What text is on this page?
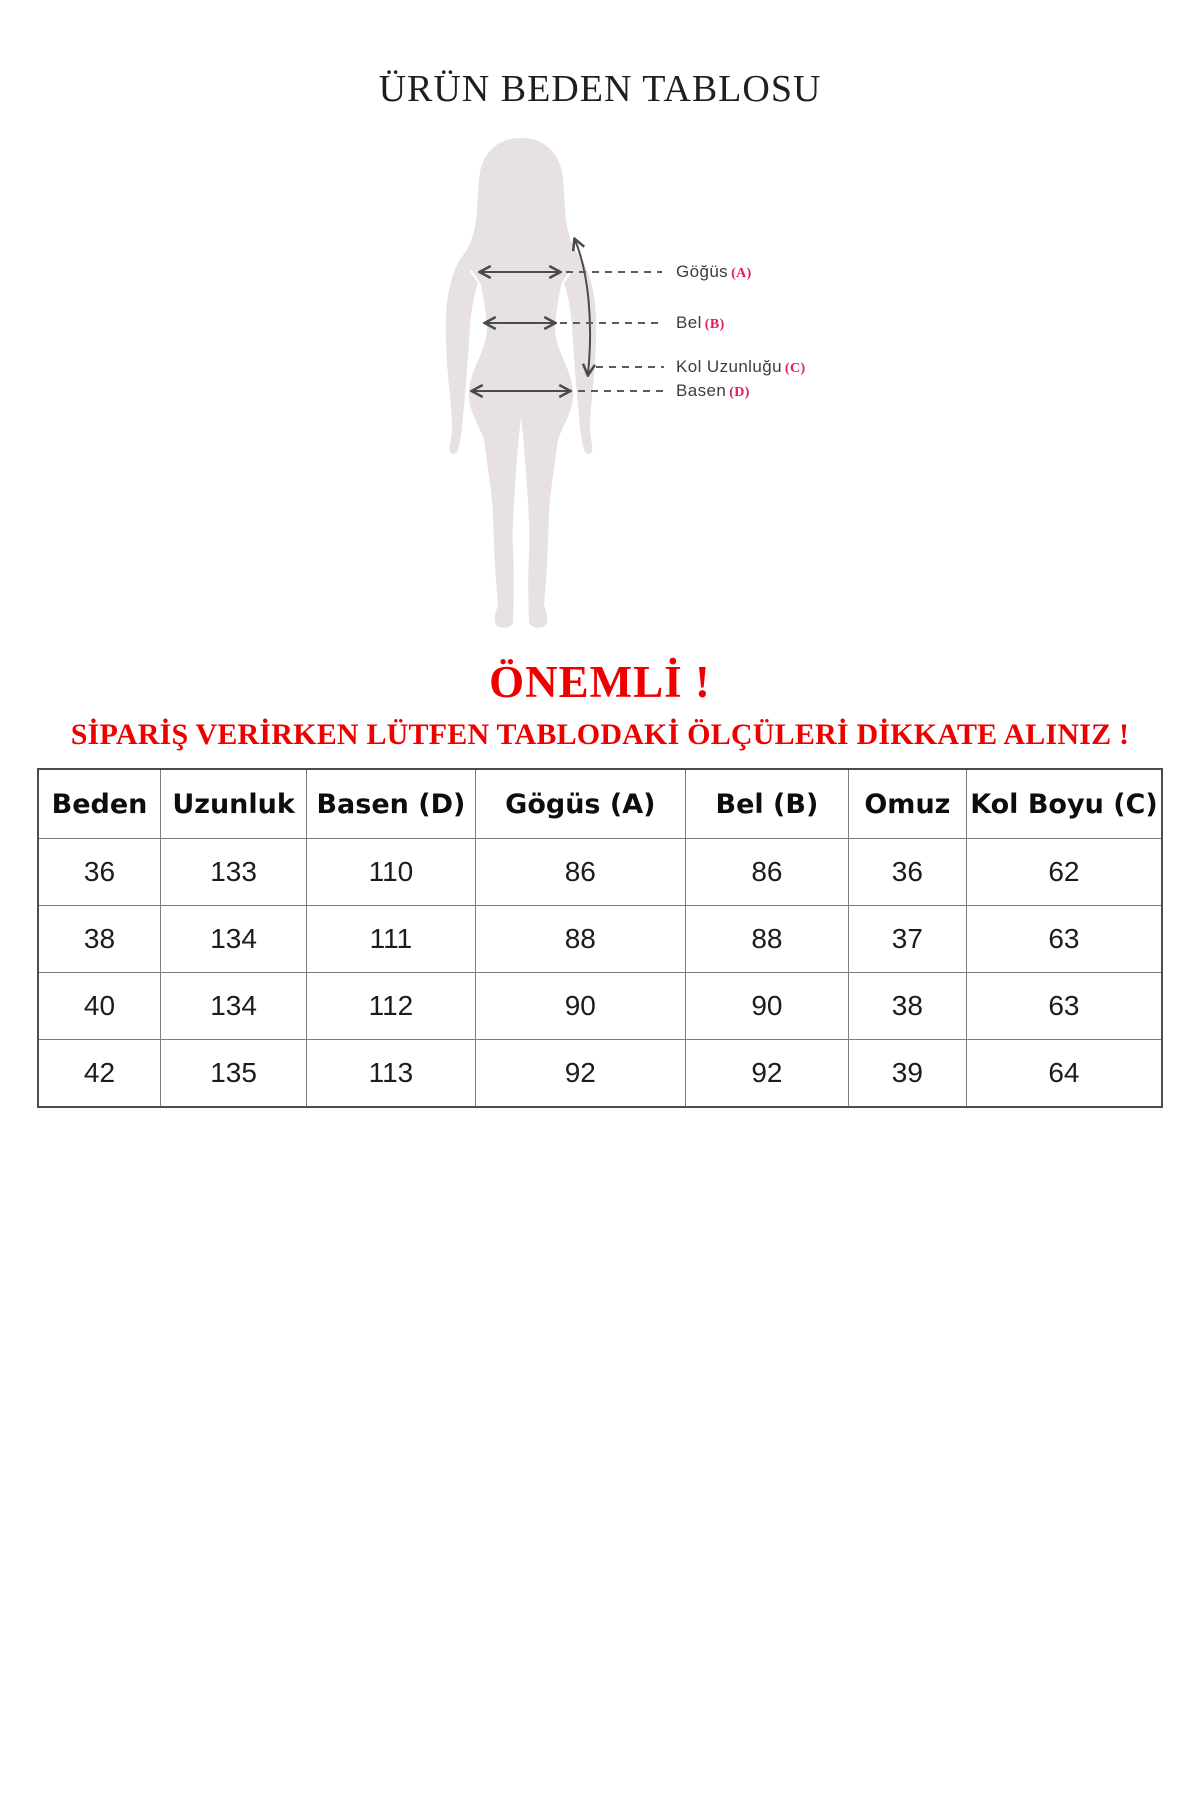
ÜRÜN BEDEN TABLOSU
Göğüs (A)
Bel (B)
Kol Uzunluğu (C)
Basen (D)
ÖNEMLİ !

SİPARİŞ VERİRKEN LÜTFEN TABLODAKİ ÖLÇÜLERİ DİKKATE ALINIZ !

Beden	Uzunluk	Basen (D)	Gögüs (A)	Bel (B)	Omuz	Kol Boyu (C)
36	133	110	86	86	36	62
38	134	111	88	88	37	63
40	134	112	90	90	38	63
42	135	113	92	92	39	64
